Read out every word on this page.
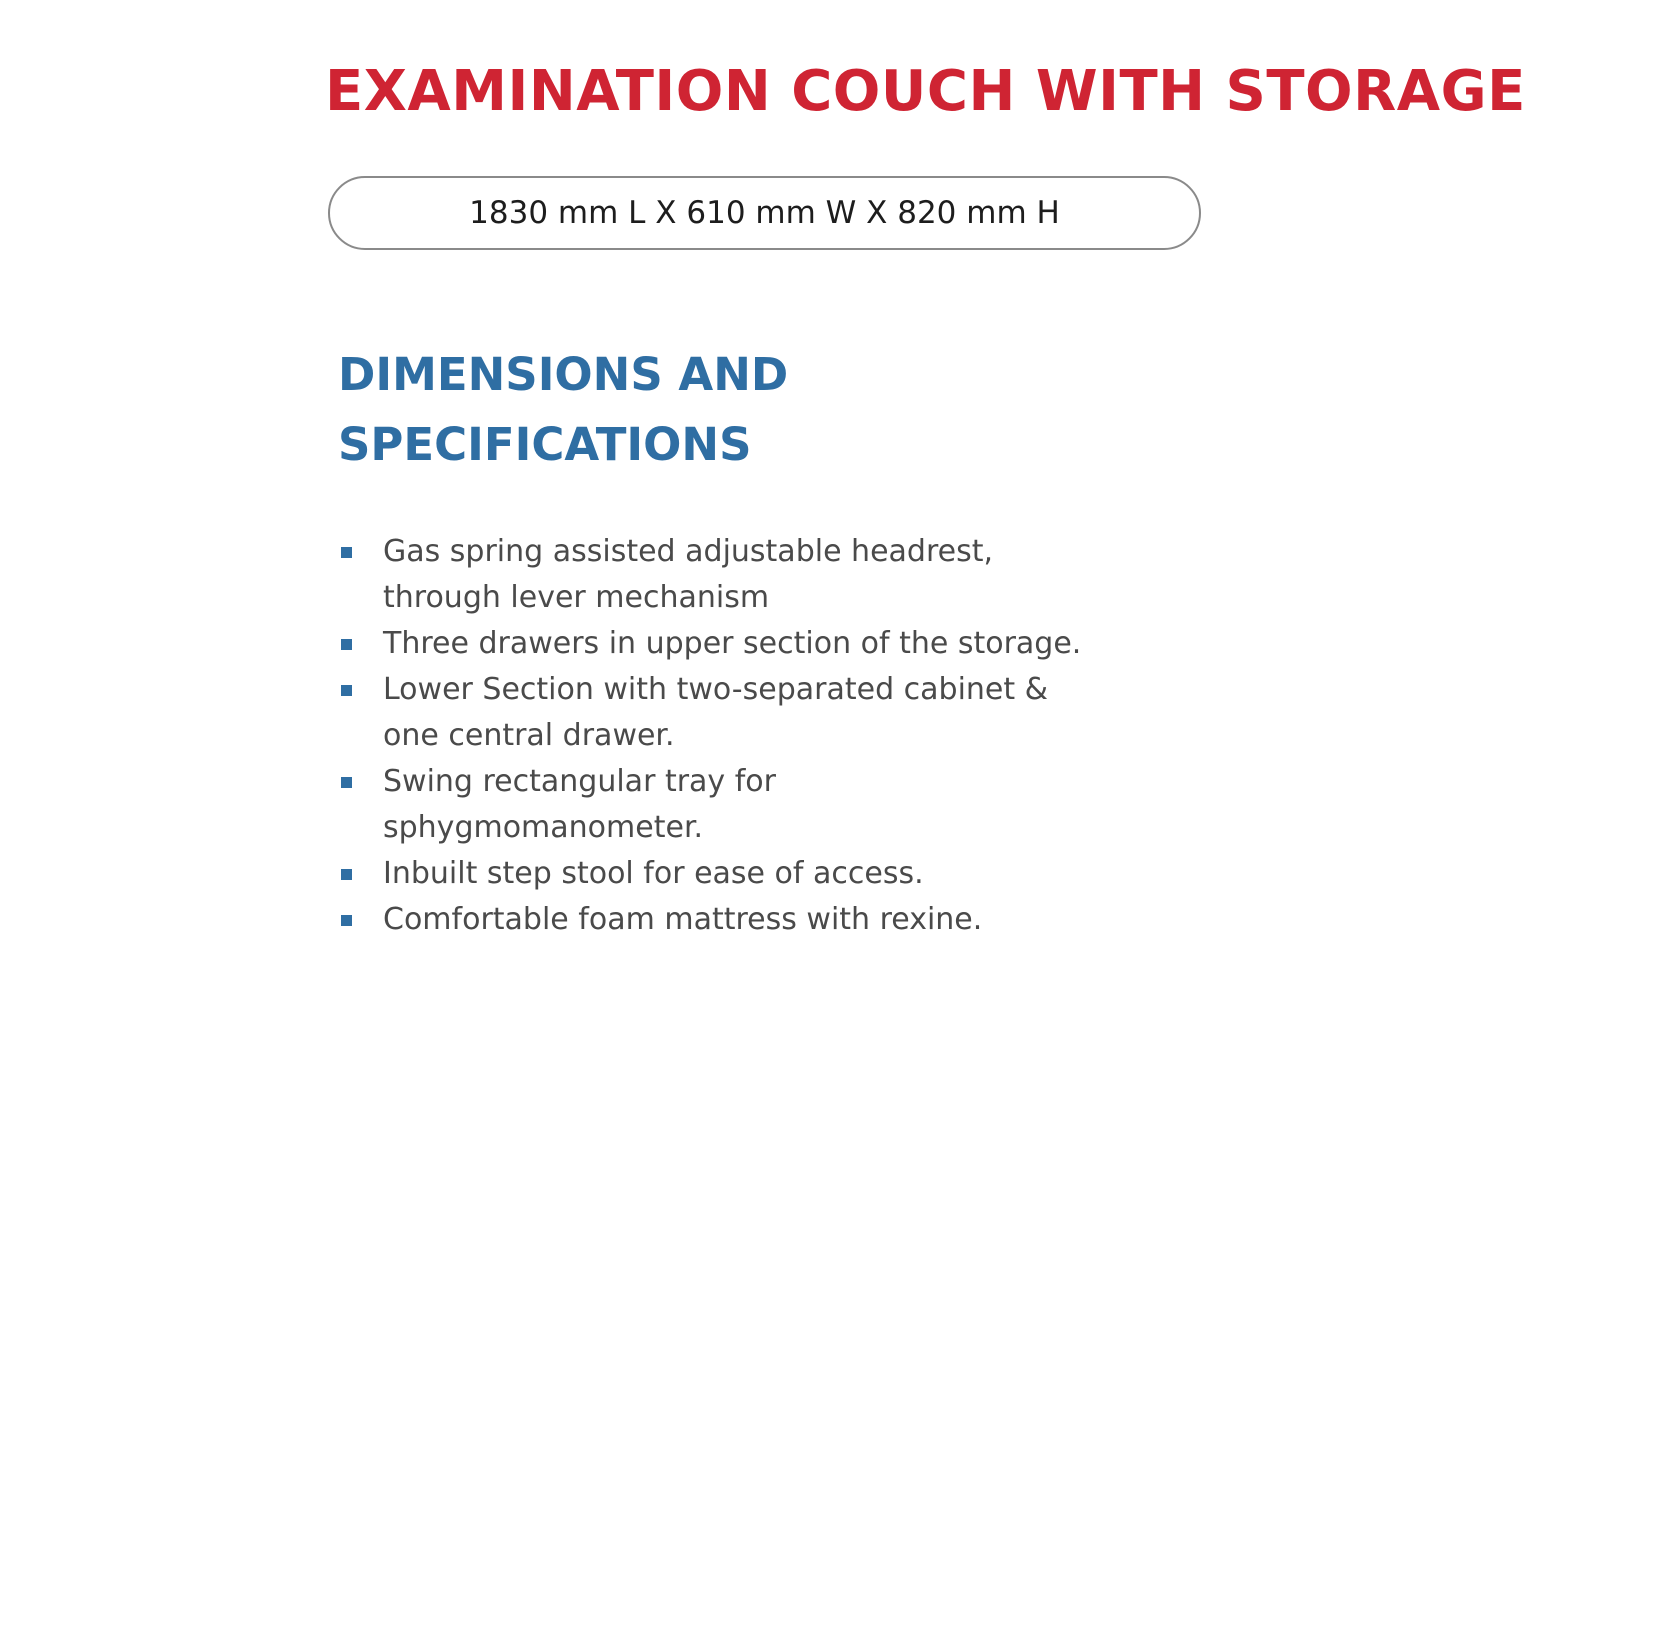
EXAMINATION COUCH WITH STORAGE
1830 mm L X 610 mm W X 820 mm H
DIMENSIONS AND
SPECIFICATIONS
Gas spring assisted adjustable headrest,
through lever mechanism
Three drawers in upper section of the storage.
Lower Section with two-separated cabinet &
one central drawer.
Swing rectangular tray for
sphygmomanometer.
Inbuilt step stool for ease of access.
Comfortable foam mattress with rexine.
